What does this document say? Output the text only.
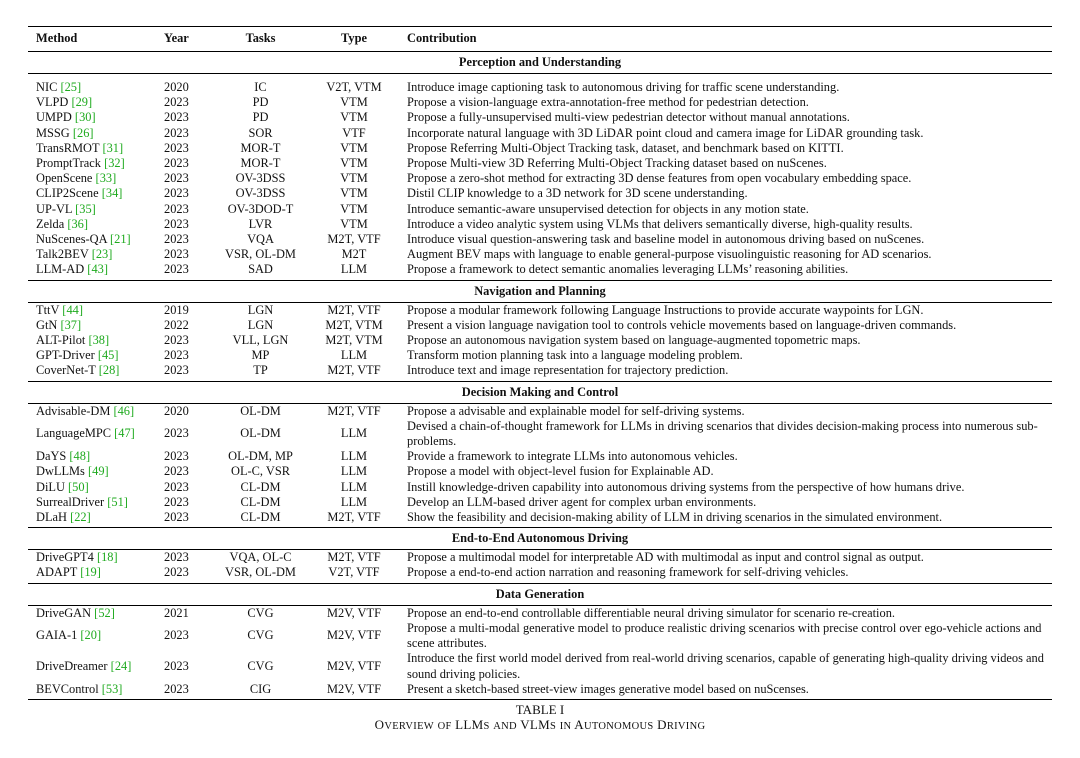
Method	Year	Tasks	Type	Contribution
Perception and Understanding				
NIC [25]	2020	IC	V2T, VTM	Introduce image captioning task to autonomous driving for traffic scene understanding.
VLPD [29]	2023	PD	VTM	Propose a vision-language extra-annotation-free method for pedestrian detection.
UMPD [30]	2023	PD	VTM	Propose a fully-unsupervised multi-view pedestrian detector without manual annotations.
MSSG [26]	2023	SOR	VTF	Incorporate natural language with 3D LiDAR point cloud and camera image for LiDAR grounding task.
TransRMOT [31]	2023	MOR-T	VTM	Propose Referring Multi-Object Tracking task, dataset, and benchmark based on KITTI.
PromptTrack [32]	2023	MOR-T	VTM	Propose Multi-view 3D Referring Multi-Object Tracking dataset based on nuScenes.
OpenScene [33]	2023	OV-3DSS	VTM	Propose a zero-shot method for extracting 3D dense features from open vocabulary embedding space.
CLIP2Scene [34]	2023	OV-3DSS	VTM	Distil CLIP knowledge to a 3D network for 3D scene understanding.
UP-VL [35]	2023	OV-3DOD-T	VTM	Introduce semantic-aware unsupervised detection for objects in any motion state.
Zelda [36]	2023	LVR	VTM	Introduce a video analytic system using VLMs that delivers semantically diverse, high-quality results.
NuScenes-QA [21]	2023	VQA	M2T, VTF	Introduce visual question-answering task and baseline model in autonomous driving based on nuScenes.
Talk2BEV [23]	2023	VSR, OL-DM	M2T	Augment BEV maps with language to enable general-purpose visuolinguistic reasoning for AD scenarios.
LLM-AD [43]	2023	SAD	LLM	Propose a framework to detect semantic anomalies leveraging LLMs’ reasoning abilities.
Navigation and Planning				
TttV [44]	2019	LGN	M2T, VTF	Propose a modular framework following Language Instructions to provide accurate waypoints for LGN.
GtN [37]	2022	LGN	M2T, VTM	Present a vision language navigation tool to controls vehicle movements based on language-driven commands.
ALT-Pilot [38]	2023	VLL, LGN	M2T, VTM	Propose an autonomous navigation system based on language-augmented topometric maps.
GPT-Driver [45]	2023	MP	LLM	Transform motion planning task into a language modeling problem.
CoverNet-T [28]	2023	TP	M2T, VTF	Introduce text and image representation for trajectory prediction.
Decision Making and Control				
Advisable-DM [46]	2020	OL-DM	M2T, VTF	Propose a advisable and explainable model for self-driving systems.
LanguageMPC [47]	2023	OL-DM	LLM	Devised a chain-of-thought framework for LLMs in driving scenarios that divides decision-making process into numerous sub-problems.
DaYS [48]	2023	OL-DM, MP	LLM	Provide a framework to integrate LLMs into autonomous vehicles.
DwLLMs [49]	2023	OL-C, VSR	LLM	Propose a model with object-level fusion for Explainable AD.
DiLU [50]	2023	CL-DM	LLM	Instill knowledge-driven capability into autonomous driving systems from the perspective of how humans drive.
SurrealDriver [51]	2023	CL-DM	LLM	Develop an LLM-based driver agent for complex urban environments.
DLaH [22]	2023	CL-DM	M2T, VTF	Show the feasibility and decision-making ability of LLM in driving scenarios in the simulated environment.
End-to-End Autonomous Driving				
DriveGPT4 [18]	2023	VQA, OL-C	M2T, VTF	Propose a multimodal model for interpretable AD with multimodal as input and control signal as output.
ADAPT [19]	2023	VSR, OL-DM	V2T, VTF	Propose a end-to-end action narration and reasoning framework for self-driving vehicles.
Data Generation				
DriveGAN [52]	2021	CVG	M2V, VTF	Propose an end-to-end controllable differentiable neural driving simulator for scenario re-creation.
GAIA-1 [20]	2023	CVG	M2V, VTF	Propose a multi-modal generative model to produce realistic driving scenarios with precise control over ego-vehicle actions and scene attributes.
DriveDreamer [24]	2023	CVG	M2V, VTF	Introduce the first world model derived from real-world driving scenarios, capable of generating high-quality driving videos and sound driving policies.
BEVControl [53]	2023	CIG	M2V, VTF	Present a sketch-based street-view images generative model based on nuScenses.
TABLE I
OVERVIEW OF LLMS AND VLMS IN AUTONOMOUS DRIVING
